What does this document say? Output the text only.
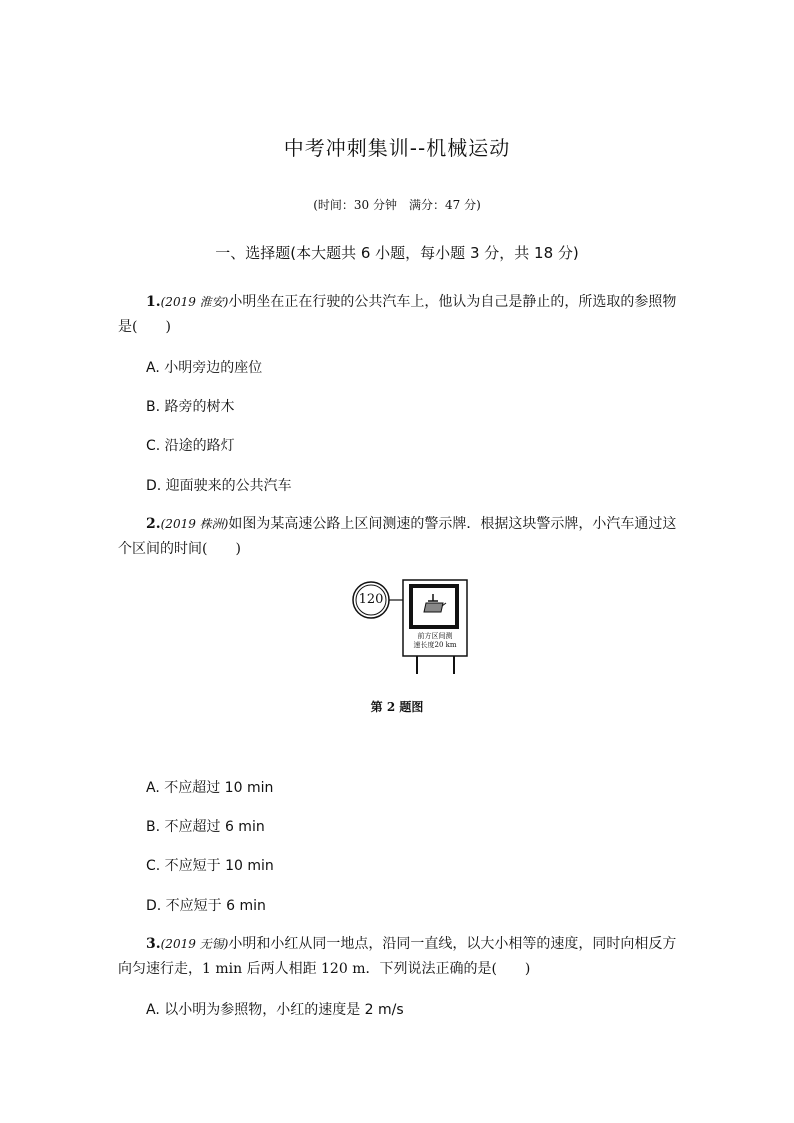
中考冲刺集训--机械运动
(时间：30 分钟　满分：47 分)
一、选择题(本大题共 6 小题，每小题 3 分，共 18 分)
1.(2019 淮安)小明坐在正在行驶的公共汽车上，他认为自己是静止的，所选取的参照物是(　　)
A. 小明旁边的座位
B. 路旁的树木
C. 沿途的路灯
D. 迎面驶来的公共汽车
2.(2019 株洲)如图为某高速公路上区间测速的警示牌．根据这块警示牌，小汽车通过这个区间的时间(　　)
120
前方区间测
速长度20 km
第 2 题图
A. 不应超过 10 min
B. 不应超过 6 min
C. 不应短于 10 min
D. 不应短于 6 min
3.(2019 无锡)小明和小红从同一地点，沿同一直线，以大小相等的速度，同时向相反方向匀速行走，1 min 后两人相距 120 m．下列说法正确的是(　　)
A. 以小明为参照物，小红的速度是 2 m/s
